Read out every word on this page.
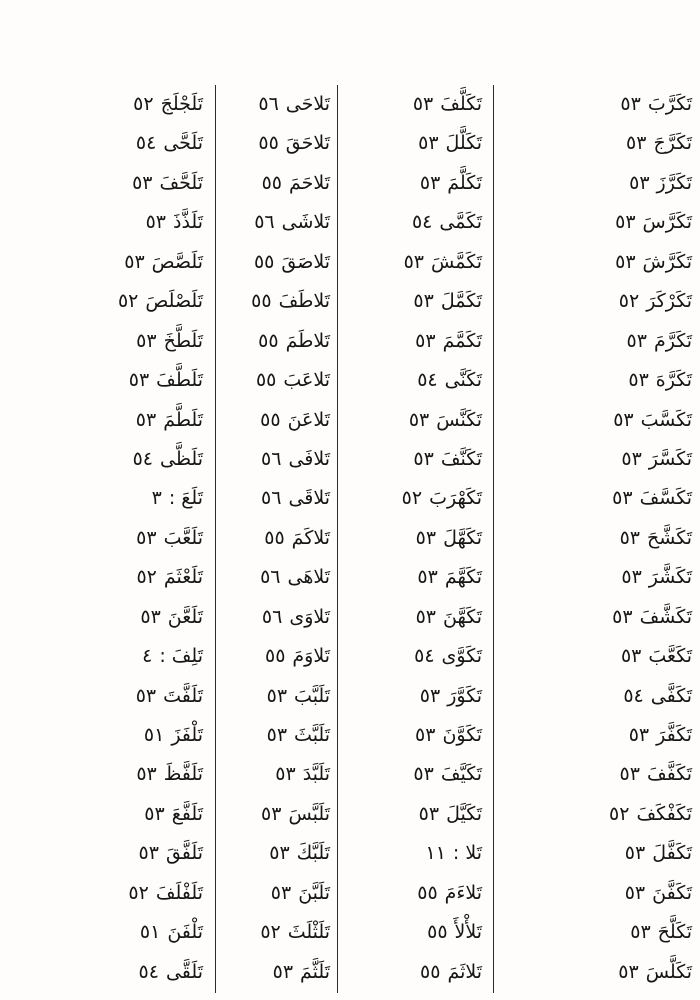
تَكَرَّبَ٥٣
تَكَرَّجَ٥٣
تَكَرَّزَ٥٣
تَكَرَّسَ٥٣
تَكَرَّشَ٥٣
تَكَرْكَرَ٥٢
تَكَرَّمَ٥٣
تَكَرَّهَ٥٣
تَكَسَّبَ٥٣
تَكَسَّرَ٥٣
تَكَسَّفَ٥٣
تَكَشَّحَ٥٣
تَكَشَّرَ٥٣
تَكَشَّفَ٥٣
تَكَعَّبَ٥٣
تَكَفَّى٥٤
تَكَفَّرَ٥٣
تَكَفَّفَ٥٣
تَكَفْكَفَ٥٢
تَكَفَّلَ٥٣
تَكَفَّنَ٥٣
تَكَلَّحَ٥٣
تَكَلَّسَ٥٣
تَكَلَّفَ٥٣
تَكَلَّلَ٥٣
تَكَلَّمَ٥٣
تَكَمَّى٥٤
تَكَمَّشَ٥٣
تَكَمَّلَ٥٣
تَكَمَّمَ٥٣
تَكَنَّى٥٤
تَكَنَّسَ٥٣
تَكَنَّفَ٥٣
تَكَهْرَبَ٥٢
تَكَهَّلَ٥٣
تَكَهَّمَ٥٣
تَكَهَّنَ٥٣
تَكَوَّى٥٤
تَكَوَّرَ٥٣
تَكَوَّنَ٥٣
تَكَيَّفَ٥٣
تَكَيَّلَ٥٣
تَلا :١١
تَلاءَمَ٥٥
تَلأْلأَ٥٥
تَلاثَمَ٥٥
تَلاحَى٥٦
تَلاحَقَ٥٥
تَلاحَمَ٥٥
تَلاشَى٥٦
تَلاصَقَ٥٥
تَلاطَفَ٥٥
تَلاطَمَ٥٥
تَلاعَبَ٥٥
تَلاعَنَ٥٥
تَلافَى٥٦
تَلاقَى٥٦
تَلاكَمَ٥٥
تَلاهَى٥٦
تَلاوَى٥٦
تَلاوَمَ٥٥
تَلَبَّبَ٥٣
تَلَبَّثَ٥٣
تَلَبَّدَ٥٣
تَلَبَّسَ٥٣
تَلَبَّكَ٥٣
تَلَبَّنَ٥٣
تَلَثْلَثَ٥٢
تَلَثَّمَ٥٣
تَلَجْلَجَ٥٢
تَلَحَّى٥٤
تَلَحَّفَ٥٣
تَلَذَّذَ٥٣
تَلَصَّصَ٥٣
تَلَصْلَصَ٥٢
تَلَطَّخَ٥٣
تَلَطَّفَ٥٣
تَلَطَّمَ٥٣
تَلَظَّى٥٤
تَلَعَ :٣
تَلَعَّبَ٥٣
تَلَعْثَمَ٥٢
تَلَعَّنَ٥٣
تَلِفَ :٤
تَلَفَّتَ٥٣
تَلْفَزَ٥١
تَلَفَّظَ٥٣
تَلَفَّعَ٥٣
تَلَفَّقَ٥٣
تَلَفْلَفَ٥٢
تَلْفَنَ٥١
تَلَقَّى٥٤
